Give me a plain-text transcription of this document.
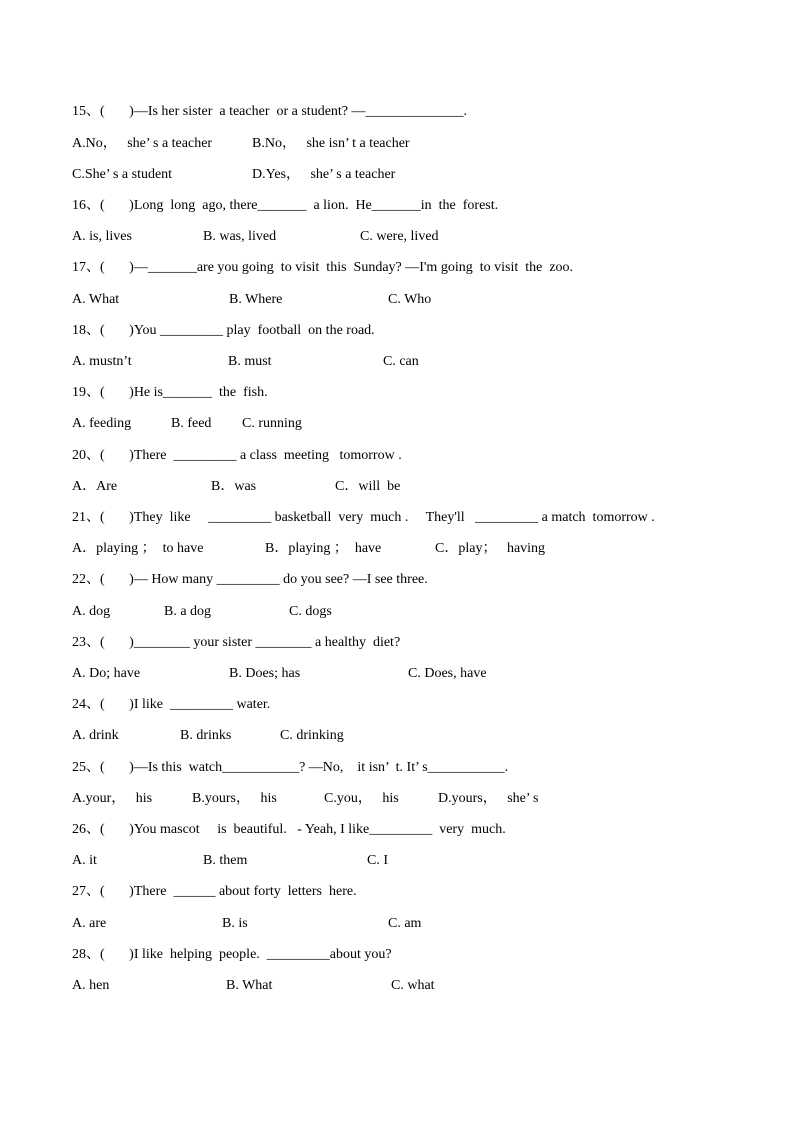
15、(       )—Is her sister  a teacher  or a student? —______________.
A.No，   she’ s a teacher	B.No，   she isn’ t a teacher
C.She’ s a student	D.Yes，   she’ s a teacher
16、(       )Long  long  ago, there_______  a lion.  He_______in  the  forest.
A. is, lives	B. was, lived	C. were, lived
17、(       )—_______are you going  to visit  this  Sunday? —I'm going  to visit  the  zoo.
A. What	B. Where	C. Who
18、(       )You _________ play  football  on the road.
A. mustn’t	B. must	C. can
19、(       )He is_______  the  fish.
A. feeding	B. feed C. running
20、(       )There  _________ a class  meeting   tomorrow .
A．Are	B．was	C．will  be
21、(       )They  like     _________ basketball  very  much .     They'll   _________ a match  tomorrow .
A．playing ；  to have	B．playing ；  have	C．play；   having
22、(       )— How many _________ do you see? —I see three.
A. dog	B. a dog	C. dogs
23、(       )________ your sister ________ a healthy  diet?
A. Do; have	B. Does; has	C. Does, have
24、(       )I like  _________ water.
A. drink	B. drinks	C. drinking
25、(       )—Is this  watch___________? —No,    it isn’  t. It’ s___________.
A.your，   his	B.yours，   his	C.you，   his	D.yours，   she’ s
26、(       )You mascot     is  beautiful.   - Yeah, I like_________  very  much.
A. it	B. them	C. I
27、(       )There  ______ about forty  letters  here.
A. are	B. is	C. am
28、(       )I like  helping  people.  _________about you?
A. hen	B. What	C. what
